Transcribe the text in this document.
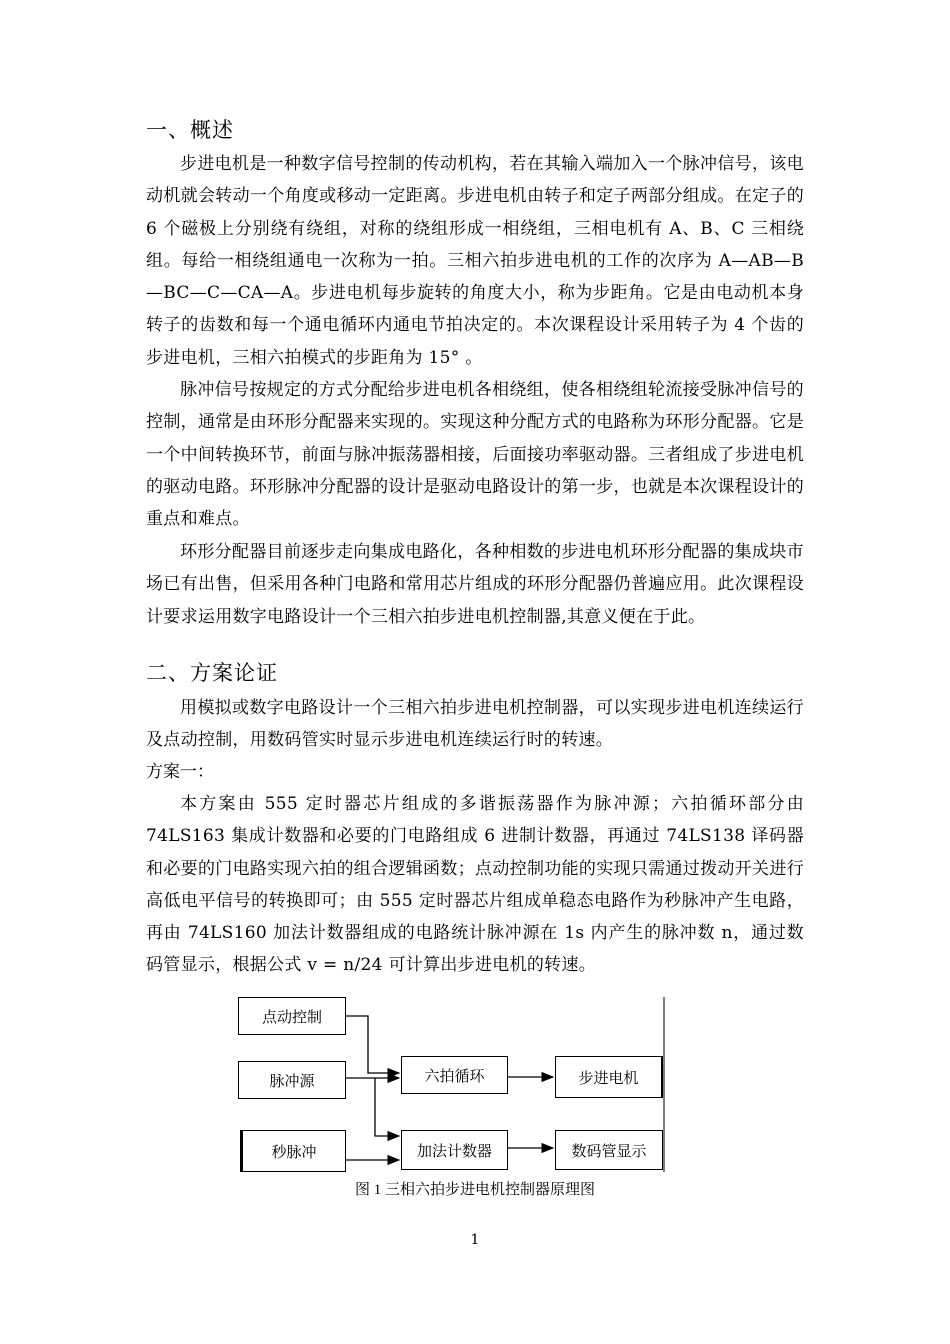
一、概述

步进电机是一种数字信号控制的传动机构，若在其输入端加入一个脉冲信号，该电动机就会转动一个角度或移动一定距离。步进电机由转子和定子两部分组成。在定子的 6 个磁极上分别绕有绕组，对称的绕组形成一相绕组，三相电机有 A、B、C 三相绕组。每给一相绕组通电一次称为一拍。三相六拍步进电机的工作的次序为 A—AB—B—BC—C—CA—A。步进电机每步旋转的角度大小，称为步距角。它是由电动机本身转子的齿数和每一个通电循环内通电节拍决定的。本次课程设计采用转子为 4 个齿的步进电机，三相六拍模式的步距角为 15° 。

脉冲信号按规定的方式分配给步进电机各相绕组，使各相绕组轮流接受脉冲信号的控制，通常是由环形分配器来实现的。实现这种分配方式的电路称为环形分配器。它是一个中间转换环节，前面与脉冲振荡器相接，后面接功率驱动器。三者组成了步进电机的驱动电路。环形脉冲分配器的设计是驱动电路设计的第一步，也就是本次课程设计的重点和难点。

环形分配器目前逐步走向集成电路化，各种相数的步进电机环形分配器的集成块市场已有出售，但采用各种门电路和常用芯片组成的环形分配器仍普遍应用。此次课程设计要求运用数字电路设计一个三相六拍步进电机控制器,其意义便在于此。

二、方案论证

用模拟或数字电路设计一个三相六拍步进电机控制器，可以实现步进电机连续运行及点动控制，用数码管实时显示步进电机连续运行时的转速。

方案一：

本方案由 555 定时器芯片组成的多谐振荡器作为脉冲源；六拍循环部分由 74LS163 集成计数器和必要的门电路组成 6 进制计数器，再通过 74LS138 译码器和必要的门电路实现六拍的组合逻辑函数；点动控制功能的实现只需通过拨动开关进行高低电平信号的转换即可；由 555 定时器芯片组成单稳态电路作为秒脉冲产生电路，再由 74LS160 加法计数器组成的电路统计脉冲源在 1s 内产生的脉冲数 n，通过数码管显示，根据公式 v = n/24 可计算出步进电机的转速。

点动控制
脉冲源
秒脉冲
六拍循环
加法计数器
步进电机
数码管显示
图 1 三相六拍步进电机控制器原理图
1
